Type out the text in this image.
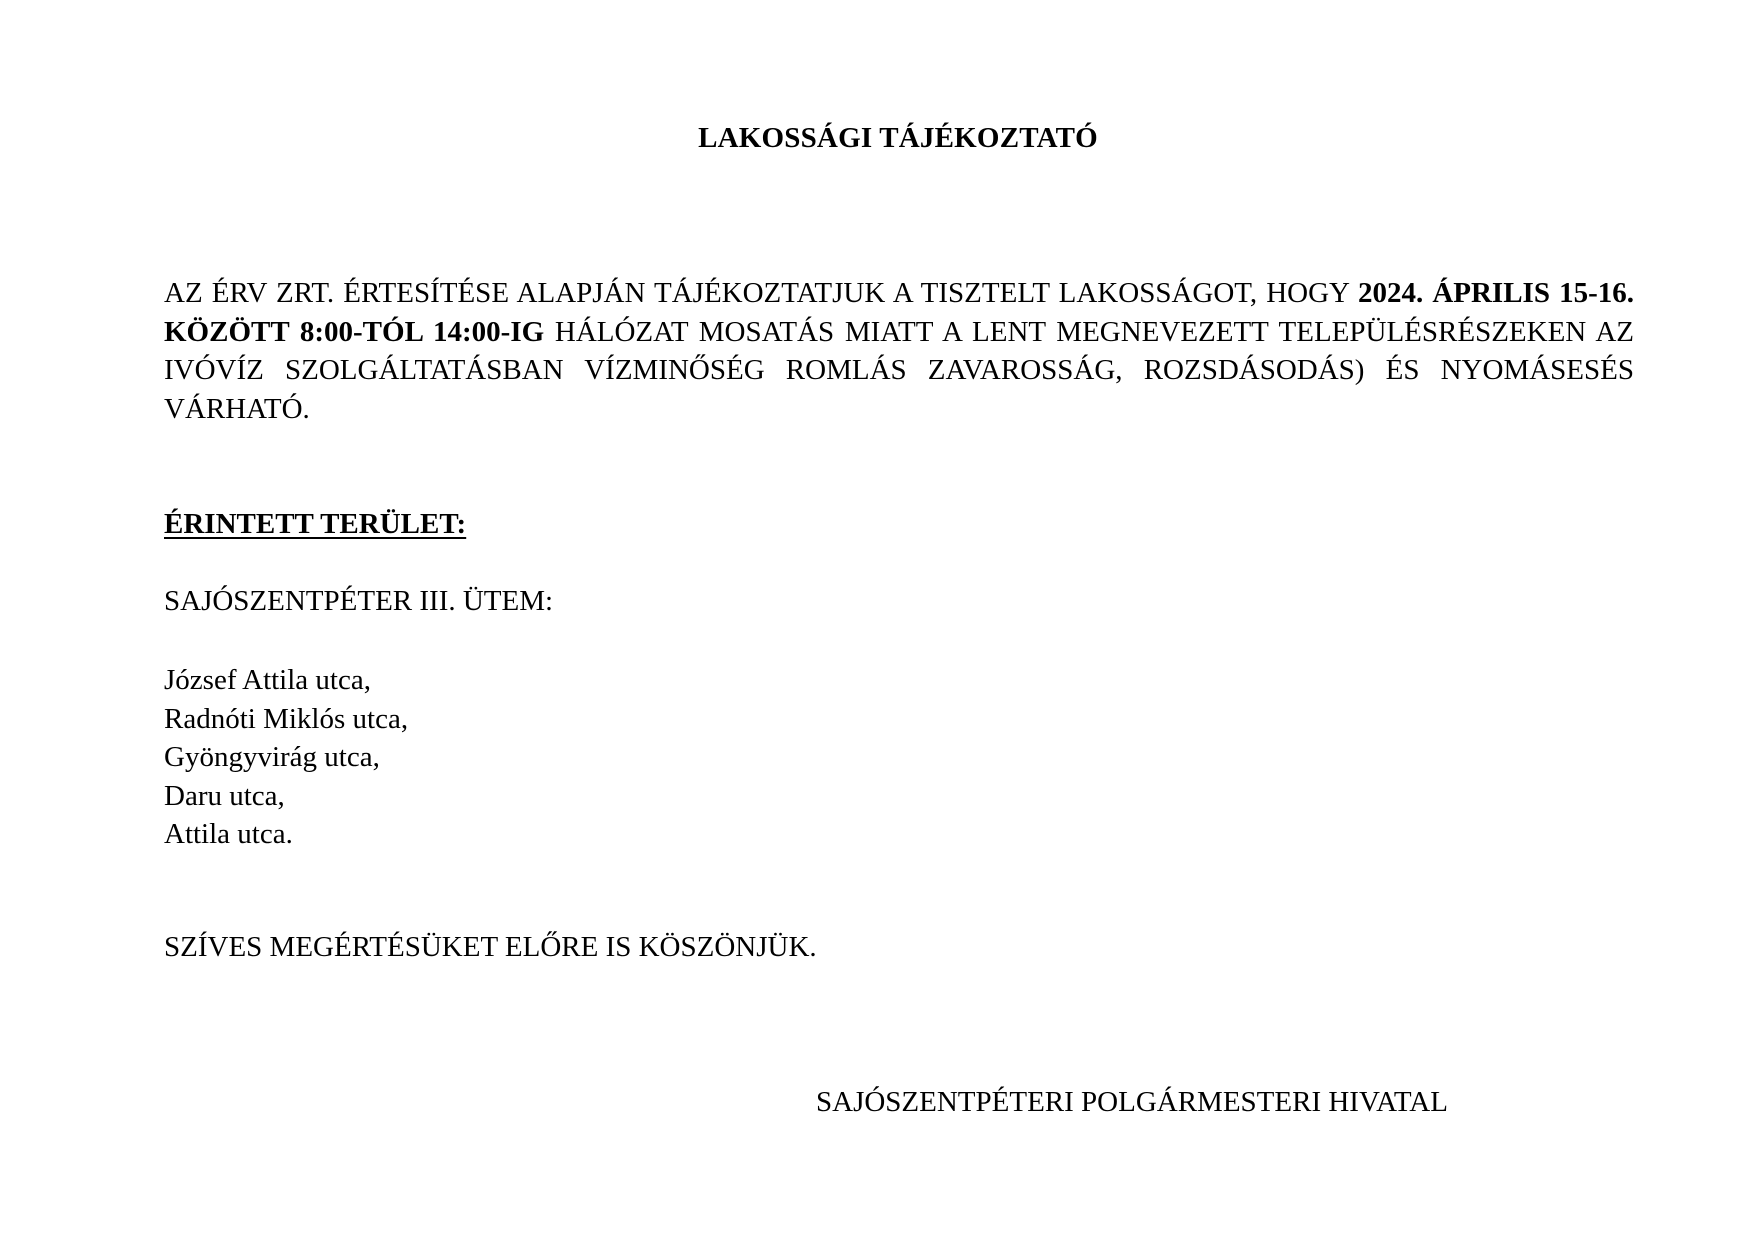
LAKOSSÁGI TÁJÉKOZTATÓ

AZ ÉRV ZRT. ÉRTESÍTÉSE ALAPJÁN TÁJÉKOZTATJUK A TISZTELT LAKOSSÁGOT, HOGY 2024. ÁPRILIS 15-16. KÖZÖTT 8:00-TÓL 14:00-IG HÁLÓZAT MOSATÁS MIATT A LENT MEGNEVEZETT TELEPÜLÉSRÉSZEKEN AZ IVÓVÍZ SZOLGÁLTATÁSBAN VÍZMINŐSÉG ROMLÁS ZAVAROSSÁG, ROZSDÁSODÁS) ÉS NYOMÁSESÉS VÁRHATÓ.

ÉRINTETT TERÜLET:
SAJÓSZENTPÉTER III. ÜTEM:
József Attila utca,
Radnóti Miklós utca,
Gyöngyvirág utca,
Daru utca,
Attila utca.
SZÍVES MEGÉRTÉSÜKET ELŐRE IS KÖSZÖNJÜK.
SAJÓSZENTPÉTERI POLGÁRMESTERI HIVATAL
